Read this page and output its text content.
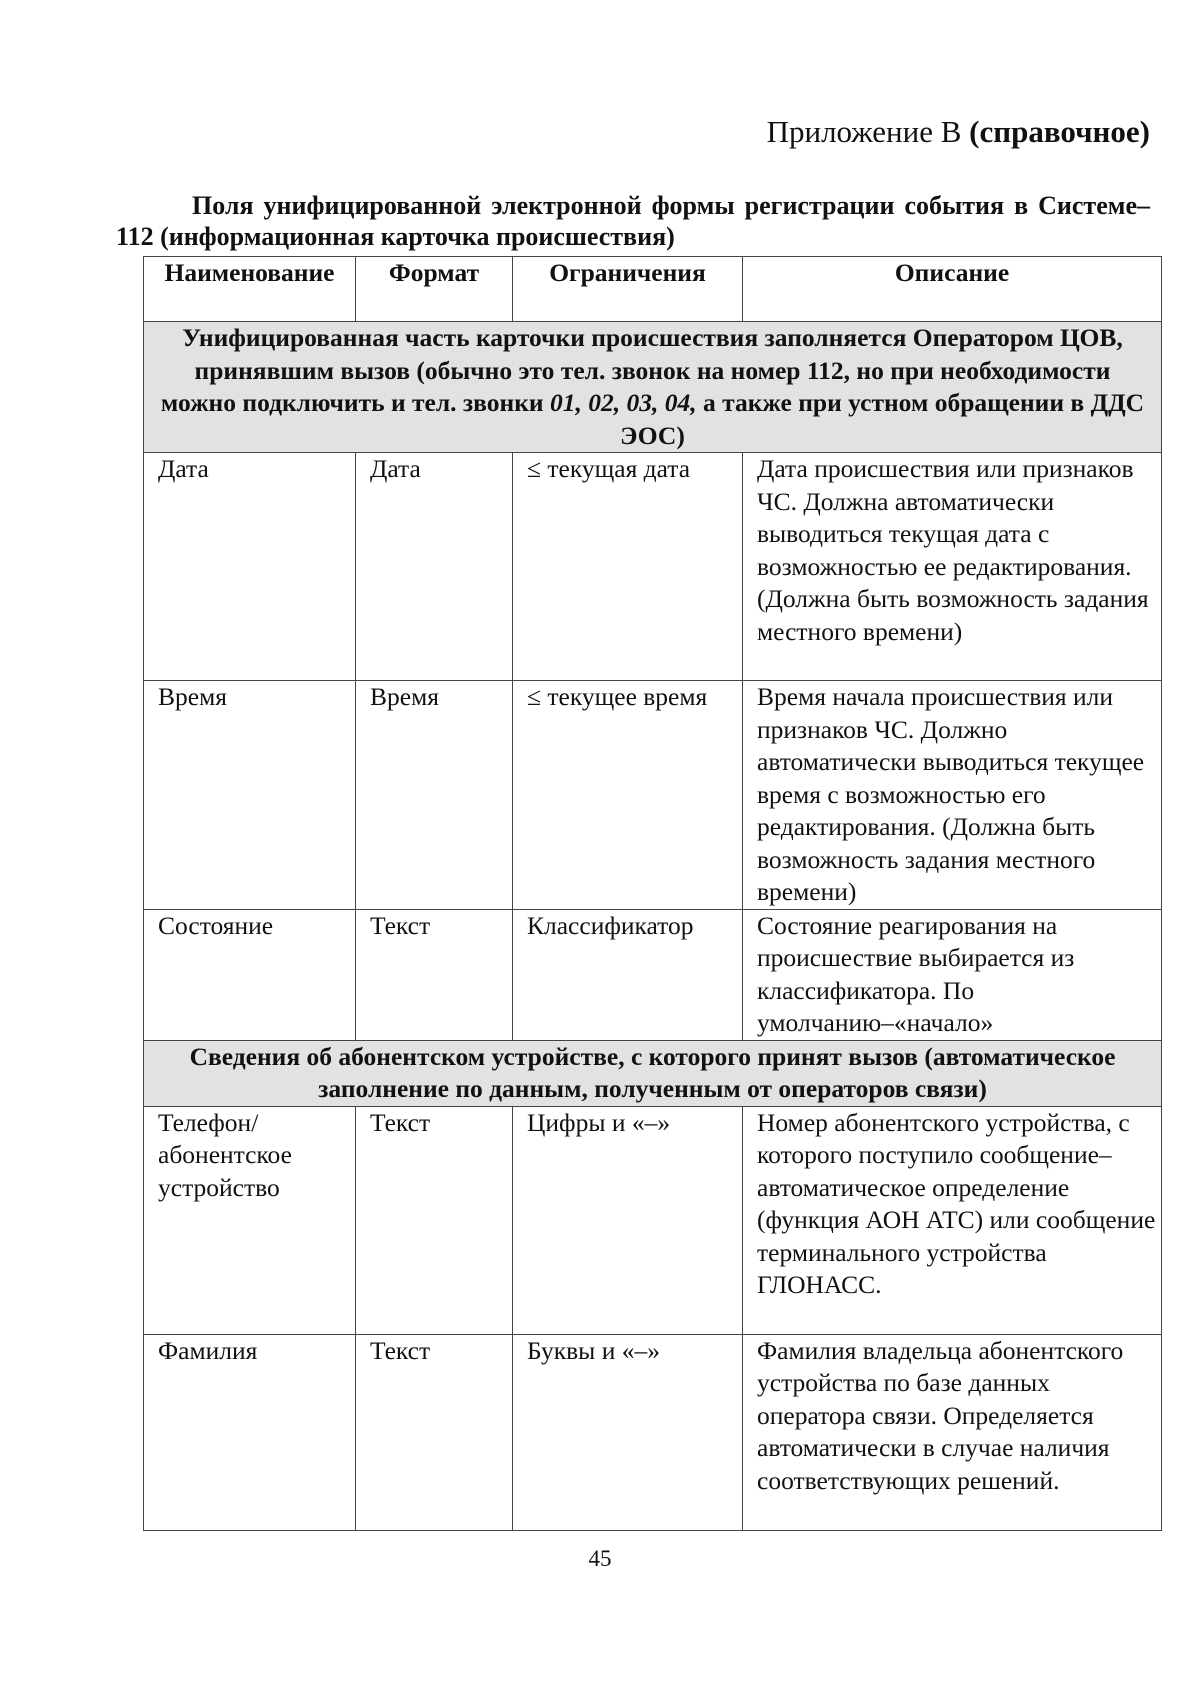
Приложение В (справочное)
Поля унифицированной электронной формы регистрации события в Системе–112 (информационная карточка происшествия)
Наименование	Формат	Ограничения	Описание
Унифицированная часть карточки происшествия заполняется Оператором ЦОВ, принявшим вызов (обычно это тел. звонок на номер 112, но при необходимости можно подключить и тел. звонки 01, 02, 03, 04, а также при устном обращении в ДДС ЭОС)			
Дата	Дата	≤ текущая дата	Дата происшествия или признаков ЧС. Должна автоматически выводиться текущая дата с возможностью ее редактирования. (Должна быть возможность задания местного времени)
Время	Время	≤ текущее время	Время начала происшествия или признаков ЧС. Должно автоматически выводиться текущее время с возможностью его редактирования. (Должна быть возможность задания местного времени)
Состояние	Текст	Классификатор	Состояние реагирования на происшествие выбирается из классификатора. По умолчанию–«начало»
Сведения об абонентском устройстве, с которого принят вызов (автоматическое заполнение по данным, полученным от операторов связи)			
Телефон/ абонентское устройство	Текст	Цифры и «–»	Номер абонентского устройства, с которого поступило сообщение– автоматическое определение (функция АОН АТС) или сообщение терминального устройства ГЛОНАСС.
Фамилия	Текст	Буквы и «–»	Фамилия владельца абонентского устройства по базе данных оператора связи. Определяется автоматически в случае наличия соответствующих решений.
45
